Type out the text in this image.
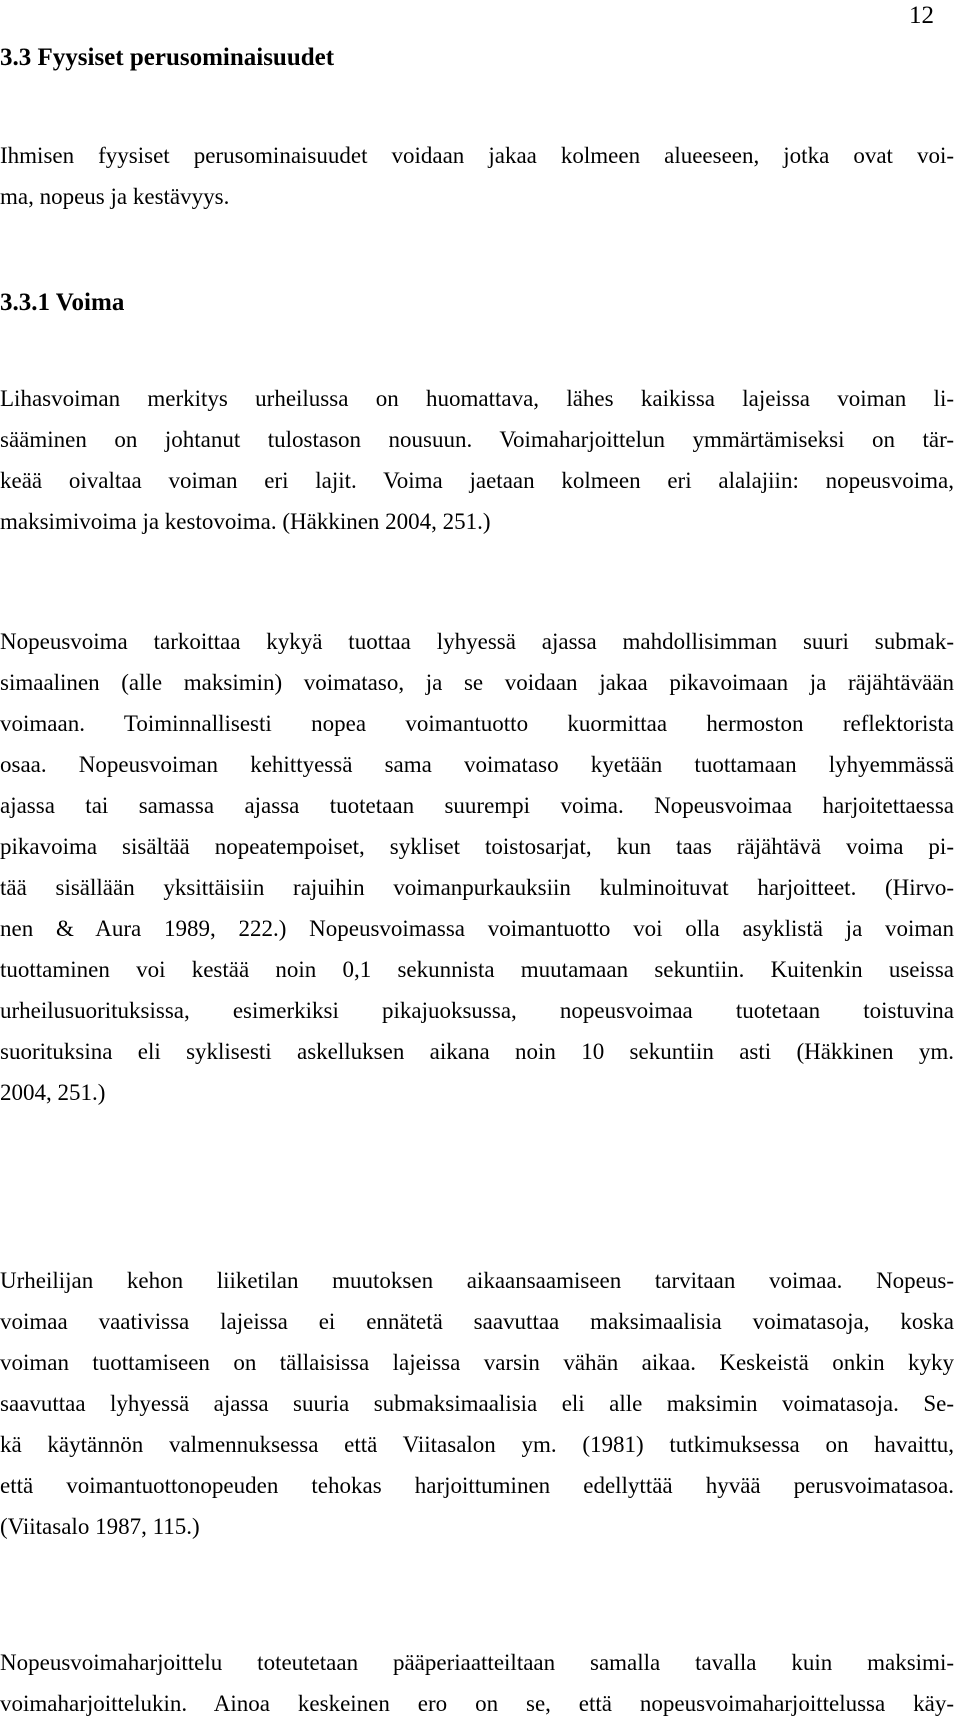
12
3.3 Fyysiset perusominaisuudet

Ihmisen fyysiset perusominaisuudet voidaan jakaa kolmeen alueeseen, jotka ovat voi-
ma, nopeus ja kestävyys.

3.3.1 Voima

Lihasvoiman merkitys urheilussa on huomattava, lähes kaikissa lajeissa voiman li-
sääminen on johtanut tulostason nousuun. Voimaharjoittelun ymmärtämiseksi on tär-
keää oivaltaa voiman eri lajit. Voima jaetaan kolmeen eri alalajiin: nopeusvoima,
maksimivoima ja kestovoima. (Häkkinen 2004, 251.)

Nopeusvoima tarkoittaa kykyä tuottaa lyhyessä ajassa mahdollisimman suuri submak-
simaalinen (alle maksimin) voimataso, ja se voidaan jakaa pikavoimaan ja räjähtävään
voimaan. Toiminnallisesti nopea voimantuotto kuormittaa hermoston reflektorista
osaa. Nopeusvoiman kehittyessä sama voimataso kyetään tuottamaan lyhyemmässä
ajassa tai samassa ajassa tuotetaan suurempi voima. Nopeusvoimaa harjoitettaessa
pikavoima sisältää nopeatempoiset, sykliset toistosarjat, kun taas räjähtävä voima pi-
tää sisällään yksittäisiin rajuihin voimanpurkauksiin kulminoituvat harjoitteet. (Hirvo-
nen & Aura 1989, 222.) Nopeusvoimassa voimantuotto voi olla asyklistä ja voiman
tuottaminen voi kestää noin 0,1 sekunnista muutamaan sekuntiin. Kuitenkin useissa
urheilusuorituksissa, esimerkiksi pikajuoksussa, nopeusvoimaa tuotetaan toistuvina
suorituksina eli syklisesti askelluksen aikana noin 10 sekuntiin asti (Häkkinen ym.
2004, 251.)

Urheilijan kehon liiketilan muutoksen aikaansaamiseen tarvitaan voimaa. Nopeus-
voimaa vaativissa lajeissa ei ennätetä saavuttaa maksimaalisia voimatasoja, koska
voiman tuottamiseen on tällaisissa lajeissa varsin vähän aikaa. Keskeistä onkin kyky
saavuttaa lyhyessä ajassa suuria submaksimaalisia eli alle maksimin voimatasoja. Se-
kä käytännön valmennuksessa että Viitasalon ym. (1981) tutkimuksessa on havaittu,
että voimantuottonopeuden tehokas harjoittuminen edellyttää hyvää perusvoimatasoa.
(Viitasalo 1987, 115.)

Nopeusvoimaharjoittelu toteutetaan pääperiaatteiltaan samalla tavalla kuin maksimi-
voimaharjoittelukin. Ainoa keskeinen ero on se, että nopeusvoimaharjoittelussa käy-
